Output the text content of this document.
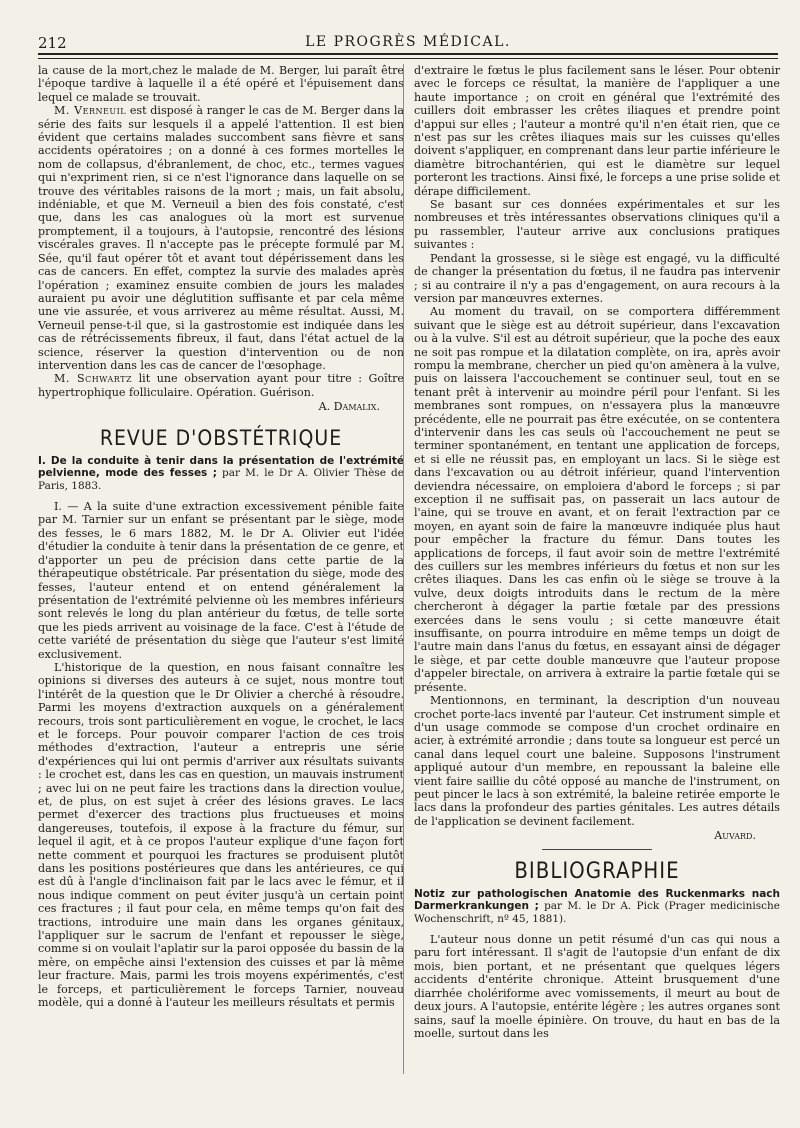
212	LE PROGRÈS MÉDICAL.

la cause de la mort,chez le malade de M. Berger, lui paraît être l'époque tardive à laquelle il a été opéré et l'épuisement dans lequel ce malade se trouvait.

M. Verneuil est disposé à ranger le cas de M. Berger dans la série des faits sur lesquels il a appelé l'attention. Il est bien évident que certains malades succombent sans fièvre et sans accidents opératoires ; on a donné à ces formes mortelles le nom de collapsus, d'ébranlement, de choc, etc., termes vagues qui n'expriment rien, si ce n'est l'ignorance dans laquelle on se trouve des véritables raisons de la mort ; mais, un fait absolu, indéniable, et que M. Verneuil a bien des fois constaté, c'est que, dans les cas analogues où la mort est survenue promptement, il a toujours, à l'autopsie, rencontré des lésions viscérales graves. Il n'accepte pas le précepte formulé par M. Sée, qu'il faut opérer tôt et avant tout dépérissement dans les cas de cancers. En effet, comptez la survie des malades après l'opération ; examinez ensuite combien de jours les malades auraient pu avoir une déglutition suffisante et par cela même une vie assurée, et vous arriverez au même résultat. Aussi, M. Verneuil pense-t-il que, si la gastrostomie est indiquée dans les cas de rétrécissements fibreux, il faut, dans l'état actuel de la science, réserver la question d'intervention ou de non intervention dans les cas de cancer de l'œsophage.

M. Schwartz lit une observation ayant pour titre : Goître hypertrophique folliculaire. Opération. Guérison.

A. Damalix.
REVUE D'OBSTÉTRIQUE

I. De la conduite à tenir dans la présentation de l'extrémité pelvienne, mode des fesses ; par M. le Dr A. Olivier Thèse de Paris, 1883.

I. — A la suite d'une extraction excessivement pénible faite par M. Tarnier sur un enfant se présentant par le siège, mode des fesses, le 6 mars 1882, M. le Dr A. Olivier eut l'idée d'étudier la conduite à tenir dans la présentation de ce genre, et d'apporter un peu de précision dans cette partie de la thérapeutique obstétricale. Par présentation du siège, mode des fesses, l'auteur entend et on entend généralement la présentation de l'extrémité pelvienne où les membres inférieurs sont relevés le long du plan antérieur du fœtus, de telle sorte que les pieds arrivent au voisinage de la face. C'est à l'étude de cette variété de présentation du siège que l'auteur s'est limité exclusivement.

L'historique de la question, en nous faisant connaître les opinions si diverses des auteurs à ce sujet, nous montre tout l'intérêt de la question que le Dr Olivier a cherché à résoudre. Parmi les moyens d'extraction auxquels on a généralement recours, trois sont particulièrement en vogue, le crochet, le lacs et le forceps. Pour pouvoir comparer l'action de ces trois méthodes d'extraction, l'auteur a entrepris une série d'expériences qui lui ont permis d'arriver aux résultats suivants : le crochet est, dans les cas en question, un mauvais instrument ; avec lui on ne peut faire les tractions dans la direction voulue, et, de plus, on est sujet à créer des lésions graves. Le lacs permet d'exercer des tractions plus fructueuses et moins dangereuses, toutefois, il expose à la fracture du fémur, sur lequel il agit, et à ce propos l'auteur explique d'une façon fort nette comment et pourquoi les fractures se produisent plutôt dans les positions postérieures que dans les antérieures, ce qui est dû à l'angle d'inclinaison fait par le lacs avec le fémur, et il nous indique comment on peut éviter jusqu'à un certain point ces fractures ; il faut pour cela, en même temps qu'on fait des tractions, introduire une main dans les organes génitaux, l'appliquer sur le sacrum de l'enfant et repousser le siège, comme si on voulait l'aplatir sur la paroi opposée du bassin de la mère, on empêche ainsi l'extension des cuisses et par là même leur fracture. Mais, parmi les trois moyens expérimentés, c'est le forceps, et particulièrement le forceps Tarnier, nouveau modèle, qui a donné à l'auteur les meilleurs résultats et permis

d'extraire le fœtus le plus facilement sans le léser. Pour obtenir avec le forceps ce résultat, la manière de l'appliquer a une haute importance ; on croit en général que l'extrémité des cuillers doit embrasser les crêtes iliaques et prendre point d'appui sur elles ; l'auteur a montré qu'il n'en était rien, que ce n'est pas sur les crêtes iliaques mais sur les cuisses qu'elles doivent s'appliquer, en comprenant dans leur partie inférieure le diamètre bitrochantérien, qui est le diamètre sur lequel porteront les tractions. Ainsi fixé, le forceps a une prise solide et dérape difficilement.

Se basant sur ces données expérimentales et sur les nombreuses et très intéressantes observations cliniques qu'il a pu rassembler, l'auteur arrive aux conclusions pratiques suivantes :

Pendant la grossesse, si le siège est engagé, vu la difficulté de changer la présentation du fœtus, il ne faudra pas intervenir ; si au contraire il n'y a pas d'engagement, on aura recours à la version par manœuvres externes.

Au moment du travail, on se comportera différemment suivant que le siège est au détroit supérieur, dans l'excavation ou à la vulve. S'il est au détroit supérieur, que la poche des eaux ne soit pas rompue et la dilatation complète, on ira, après avoir rompu la membrane, chercher un pied qu'on amènera à la vulve, puis on laissera l'accouchement se continuer seul, tout en se tenant prêt à intervenir au moindre péril pour l'enfant. Si les membranes sont rompues, on n'essayera plus la manœuvre précédente, elle ne pourrait pas être exécutée, on se contentera d'intervenir dans les cas seuls où l'accouchement ne peut se terminer spontanément, en tentant une application de forceps, et si elle ne réussit pas, en employant un lacs. Si le siège est dans l'excavation ou au détroit inférieur, quand l'intervention deviendra nécessaire, on emploiera d'abord le forceps ; si par exception il ne suffisait pas, on passerait un lacs autour de l'aine, qui se trouve en avant, et on ferait l'extraction par ce moyen, en ayant soin de faire la manœuvre indiquée plus haut pour empêcher la fracture du fémur. Dans toutes les applications de forceps, il faut avoir soin de mettre l'extrémité des cuillers sur les membres inférieurs du fœtus et non sur les crêtes iliaques. Dans les cas enfin où le siège se trouve à la vulve, deux doigts introduits dans le rectum de la mère chercheront à dégager la partie fœtale par des pressions exercées dans le sens voulu ; si cette manœuvre était insuffisante, on pourra introduire en même temps un doigt de l'autre main dans l'anus du fœtus, en essayant ainsi de dégager le siège, et par cette double manœuvre que l'auteur propose d'appeler birectale, on arrivera à extraire la partie fœtale qui se présente.

Mentionnons, en terminant, la description d'un nouveau crochet porte-lacs inventé par l'auteur. Cet instrument simple et d'un usage commode se compose d'un crochet ordinaire en acier, à extrémité arrondie ; dans toute sa longueur est percé un canal dans lequel court une baleine. Supposons l'instrument appliqué autour d'un membre, en repoussant la baleine elle vient faire saillie du côté opposé au manche de l'instrument, on peut pincer le lacs à son extrémité, la baleine retirée emporte le lacs dans la profondeur des parties génitales. Les autres détails de l'application se devinent facilement.

Auvard.
BIBLIOGRAPHIE

Notiz zur pathologischen Anatomie des Ruckenmarks nach Darmerkrankungen ; par M. le Dr A. Pick (Prager medicinische Wochenschrift, nº 45, 1881).

L'auteur nous donne un petit résumé d'un cas qui nous a paru fort intéressant. Il s'agit de l'autopsie d'un enfant de dix mois, bien portant, et ne présentant que quelques légers accidents d'entérite chronique. Atteint brusquement d'une diarrhée cholériforme avec vomissements, il meurt au bout de deux jours. A l'autopsie, entérite légère ; les autres organes sont sains, sauf la moelle épinière. On trouve, du haut en bas de la moelle, surtout dans les
